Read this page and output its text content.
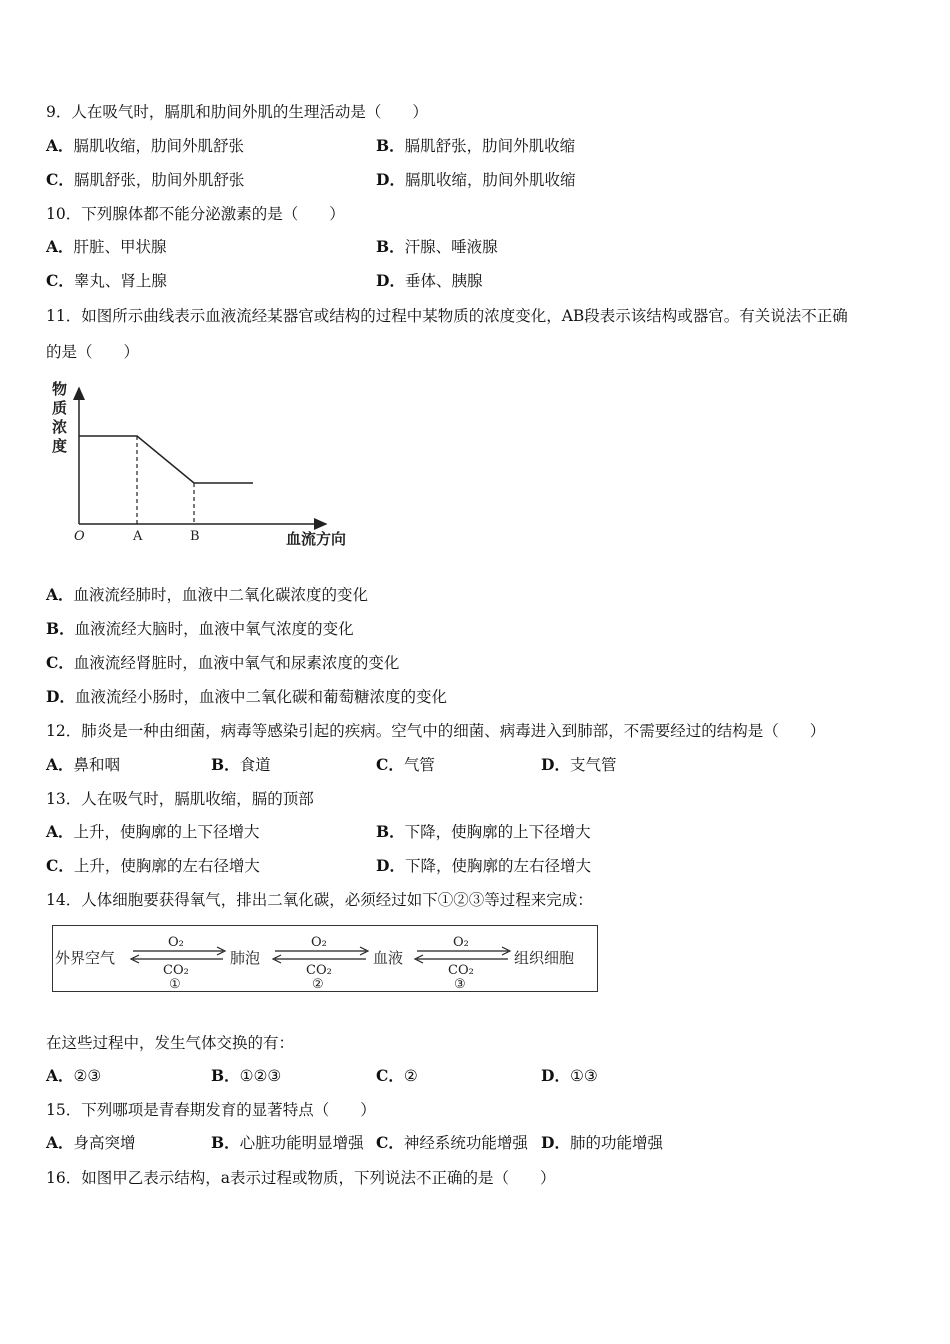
9．人在吸气时，膈肌和肋间外肌的生理活动是（　　）
A．膈肌收缩，肋间外肌舒张	B．膈肌舒张，肋间外肌收缩
C．膈肌舒张，肋间外肌舒张	D．膈肌收缩，肋间外肌收缩
10．下列腺体都不能分泌激素的是（　　）
A．肝脏、甲状腺	B．汗腺、唾液腺
C．睾丸、肾上腺	D．垂体、胰腺
11．如图所示曲线表示血液流经某器官或结构的过程中某物质的浓度变化，AB段表示该结构或器官。有关说法不正确
的是（　　）
物
质
浓
度
O	A	B	血流方向
A．血液流经肺时，血液中二氧化碳浓度的变化
B．血液流经大脑时，血液中氧气浓度的变化
C．血液流经肾脏时，血液中氧气和尿素浓度的变化
D．血液流经小肠时，血液中二氧化碳和葡萄糖浓度的变化
12．肺炎是一种由细菌，病毒等感染引起的疾病。空气中的细菌、病毒进入到肺部，不需要经过的结构是（　　）
A．鼻和咽	B．食道	C．气管	D．支气管
13．人在吸气时，膈肌收缩，膈的顶部
A．上升，使胸廓的上下径增大	B．下降，使胸廓的上下径增大
C．上升，使胸廓的左右径增大	D．下降，使胸廓的左右径增大
14．人体细胞要获得氧气，排出二氧化碳，必须经过如下①②③等过程来完成：
外界空气	肺泡	血液	组织细胞
O₂
CO₂
①
O₂
CO₂
②
O₂
CO₂
③
在这些过程中，发生气体交换的有：
A．②③	B．①②③	C．②	D．①③
15．下列哪项是青春期发育的显著特点（　　）
A．身高突增	B．心脏功能明显增强 C．神经系统功能增强 D．肺的功能增强
16．如图甲乙表示结构，a表示过程或物质，下列说法不正确的是（　　）
